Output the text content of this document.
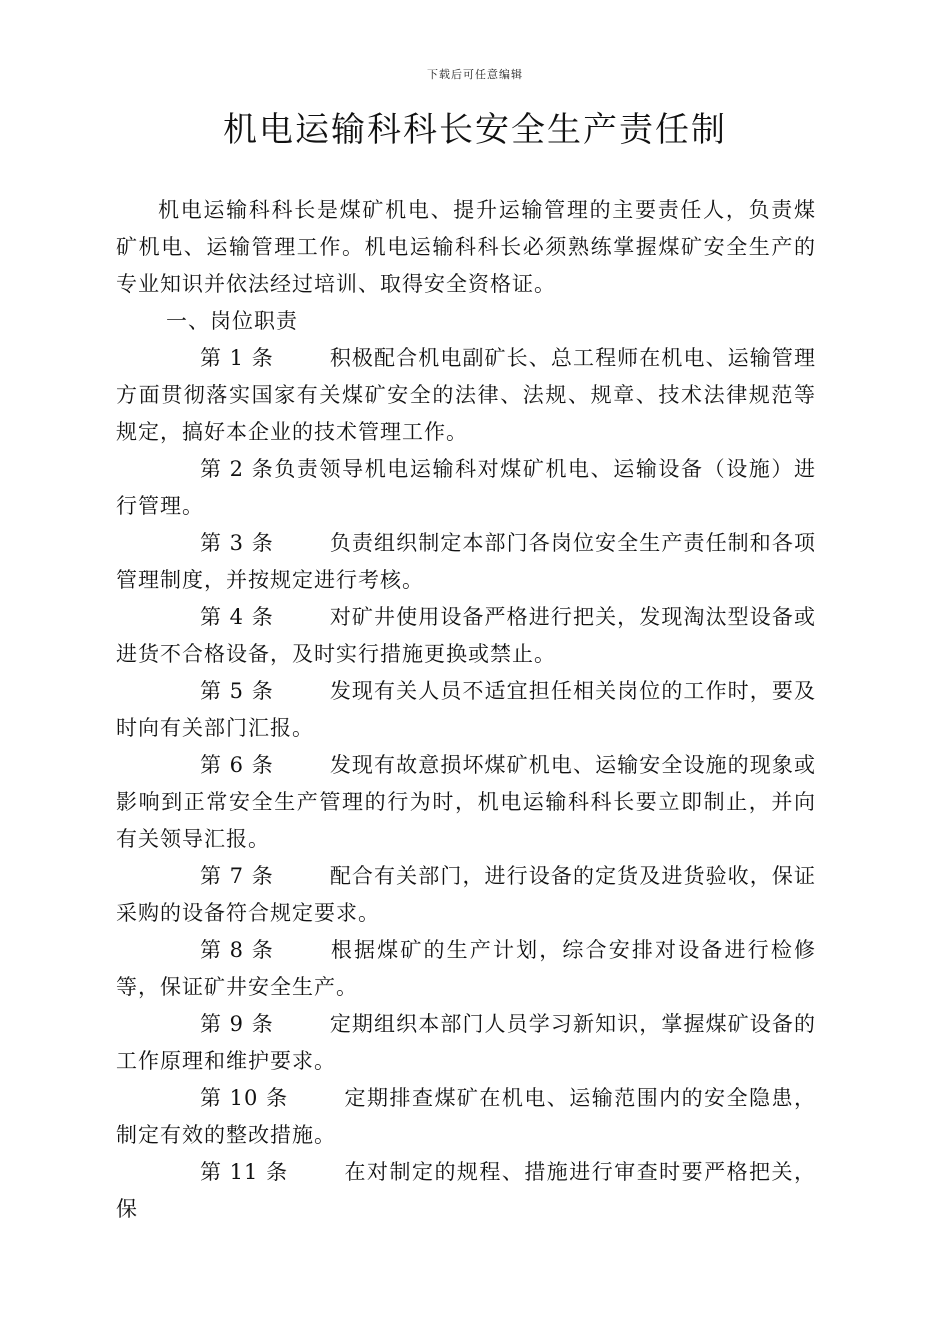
下载后可任意编辑
机电运输科科长安全生产责任制

机电运输科科长是煤矿机电、提升运输管理的主要责任人，负责煤矿机电、运输管理工作。机电运输科科长必须熟练掌握煤矿安全生产的专业知识并依法经过培训、取得安全资格证。

一、岗位职责

第 1 条	积极配合机电副矿长、总工程师在机电、运输管理方面贯彻落实国家有关煤矿安全的法律、法规、规章、技术法律规范等规定，搞好本企业的技术管理工作。

第 2 条负责领导机电运输科对煤矿机电、运输设备（设施）进行管理。

第 3 条	负责组织制定本部门各岗位安全生产责任制和各项管理制度，并按规定进行考核。

第 4 条	对矿井使用设备严格进行把关，发现淘汰型设备或进货不合格设备，及时实行措施更换或禁止。

第 5 条	发现有关人员不适宜担任相关岗位的工作时，要及时向有关部门汇报。

第 6 条	发现有故意损坏煤矿机电、运输安全设施的现象或影响到正常安全生产管理的行为时，机电运输科科长要立即制止，并向有关领导汇报。

第 7 条	配合有关部门，进行设备的定货及进货验收，保证采购的设备符合规定要求。

第 8 条	根据煤矿的生产计划，综合安排对设备进行检修等，保证矿井安全生产。

第 9 条	定期组织本部门人员学习新知识，掌握煤矿设备的工作原理和维护要求。

第 10 条	定期排查煤矿在机电、运输范围内的安全隐患，制定有效的整改措施。

第 11 条	在对制定的规程、措施进行审查时要严格把关，保
